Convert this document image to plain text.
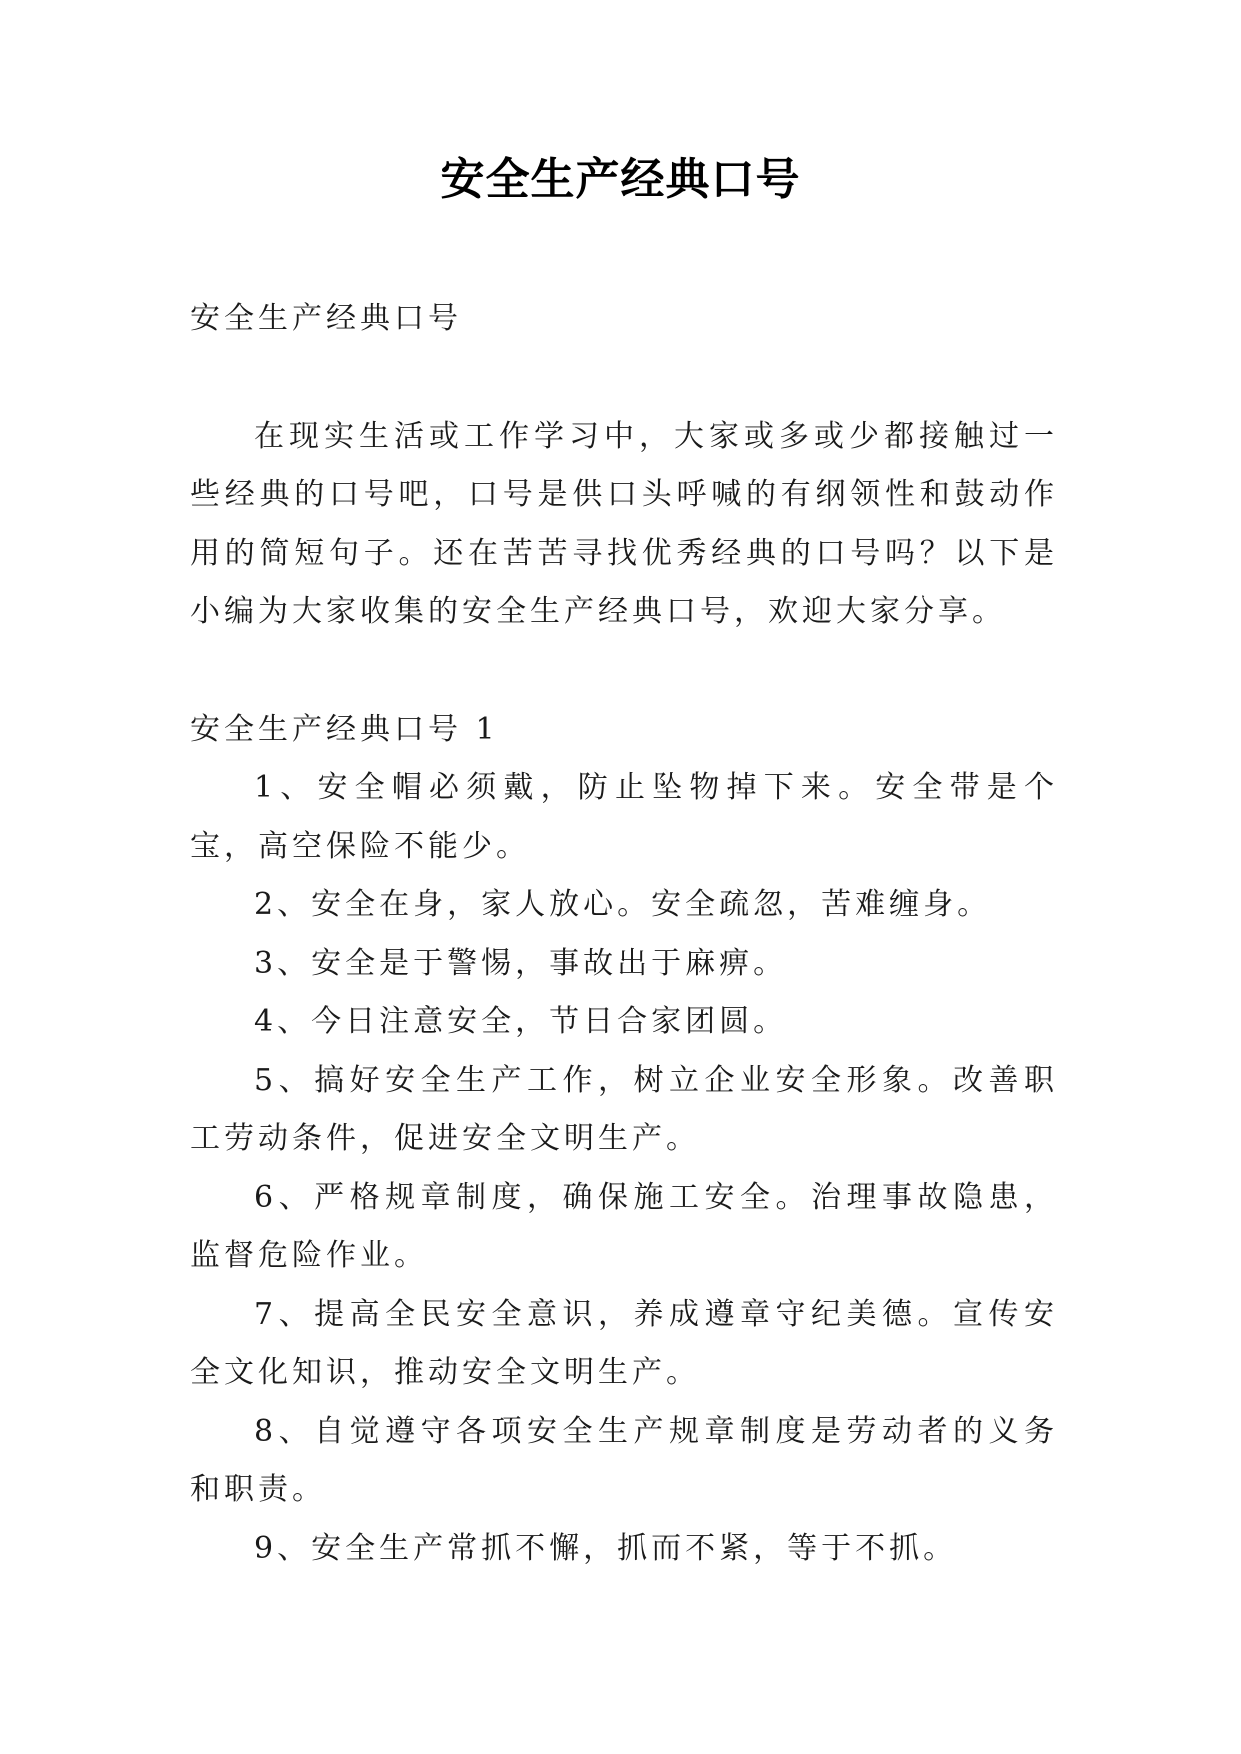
安全生产经典口号

安全生产经典口号

在现实生活或工作学习中，大家或多或少都接触过一些经典的口号吧，口号是供口头呼喊的有纲领性和鼓动作用的简短句子。还在苦苦寻找优秀经典的口号吗？以下是小编为大家收集的安全生产经典口号，欢迎大家分享。

安全生产经典口号 1

1、安全帽必须戴，防止坠物掉下来。安全带是个宝，高空保险不能少。

2、安全在身，家人放心。安全疏忽，苦难缠身。

3、安全是于警惕，事故出于麻痹。

4、今日注意安全，节日合家团圆。

5、搞好安全生产工作，树立企业安全形象。改善职工劳动条件，促进安全文明生产。

6、严格规章制度，确保施工安全。治理事故隐患，监督危险作业。

7、提高全民安全意识，养成遵章守纪美德。宣传安全文化知识，推动安全文明生产。

8、自觉遵守各项安全生产规章制度是劳动者的义务和职责。

9、安全生产常抓不懈，抓而不紧，等于不抓。
